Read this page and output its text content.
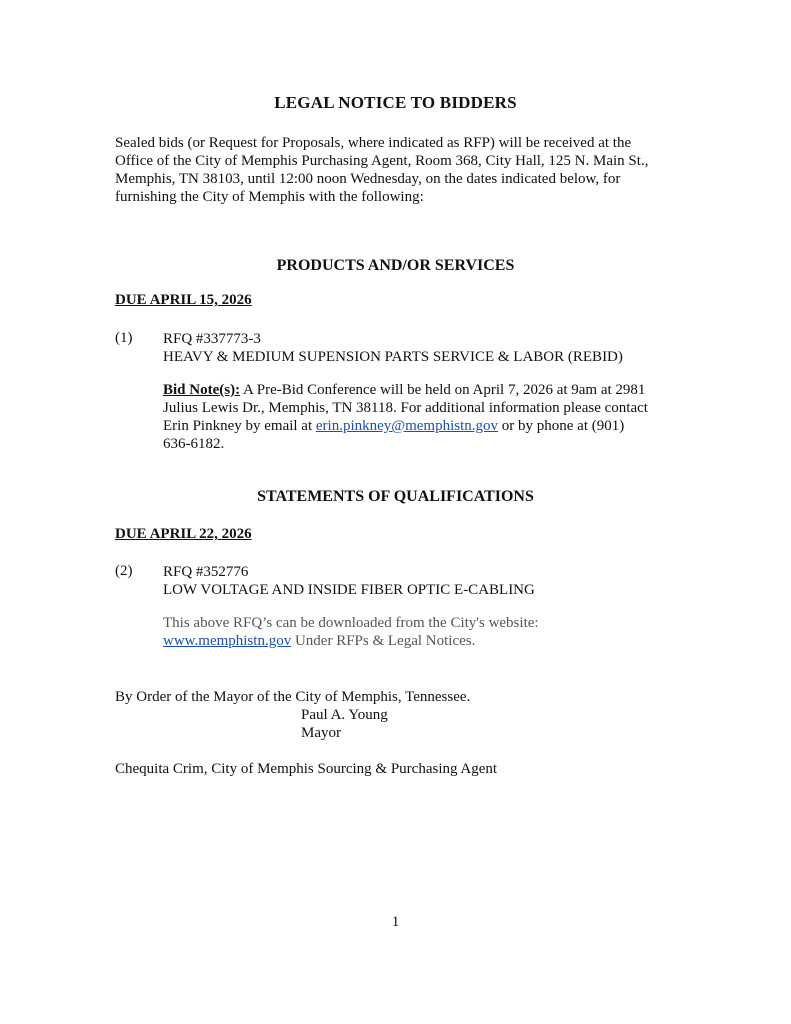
LEGAL NOTICE TO BIDDERS

Sealed bids (or Request for Proposals, where indicated as RFP) will be received at the
Office of the City of Memphis Purchasing Agent, Room 368, City Hall, 125 N. Main St.,
Memphis, TN 38103, until 12:00 noon Wednesday, on the dates indicated below, for
furnishing the City of Memphis with the following:

PRODUCTS AND/OR SERVICES
DUE APRIL 15, 2026
(1) RFQ #337773-3
HEAVY & MEDIUM SUPENSION PARTS SERVICE & LABOR (REBID)
Bid Note(s): A Pre-Bid Conference will be held on April 7, 2026 at 9am at 2981
Julius Lewis Dr., Memphis, TN 38118. For additional information please contact
Erin Pinkney by email at erin.pinkney@memphistn.gov or by phone at (901)
636-6182.
STATEMENTS OF QUALIFICATIONS
DUE APRIL 22, 2026
(2) RFQ #352776
LOW VOLTAGE AND INSIDE FIBER OPTIC E-CABLING
This above RFQ’s can be downloaded from the City's website:
www.memphistn.gov Under RFPs & Legal Notices.
By Order of the Mayor of the City of Memphis, Tennessee.
Paul A. Young
Mayor
Chequita Crim, City of Memphis Sourcing & Purchasing Agent
1
